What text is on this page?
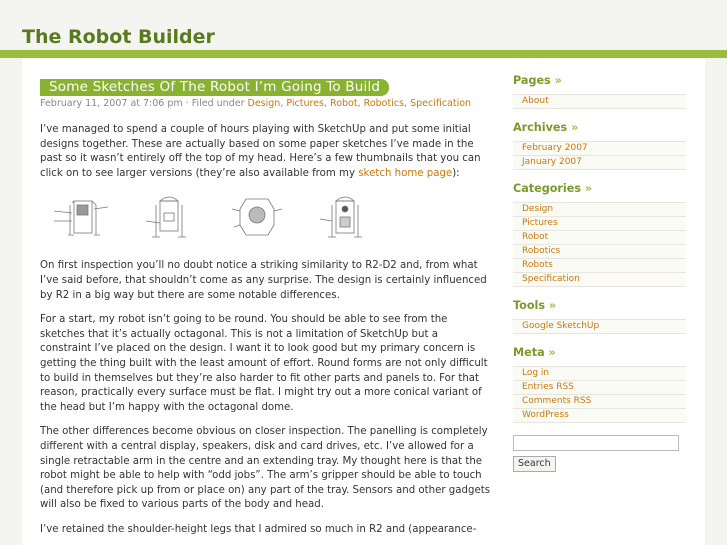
The Robot Builder
Some Sketches Of The Robot I’m Going To Build
February 11, 2007 at 7:06 pm · Filed under Design, Pictures, Robot, Robotics, Specification

I’ve managed to spend a couple of hours playing with SketchUp and put some initial designs together. These are actually based on some paper sketches I’ve made in the past so it wasn’t entirely off the top of my head. Here’s a few thumbnails that you can click on to see larger versions (they’re also available from my sketch home page):

On first inspection you’ll no doubt notice a striking similarity to R2-D2 and, from what I’ve said before, that shouldn’t come as any surprise. The design is certainly influenced by R2 in a big way but there are some notable differences.

For a start, my robot isn’t going to be round. You should be able to see from the sketches that it’s actually octagonal. This is not a limitation of SketchUp but a constraint I’ve placed on the design. I want it to look good but my primary concern is getting the thing built with the least amount of effort. Round forms are not only difficult to build in themselves but they’re also harder to fit other parts and panels to. For that reason, practically every surface must be flat. I might try out a more conical variant of the head but I’m happy with the octagonal dome.

The other differences become obvious on closer inspection. The panelling is completely different with a central display, speakers, disk and card drives, etc. I’ve allowed for a single retractable arm in the centre and an extending tray. My thought here is that the robot might be able to help with “odd jobs”. The arm’s gripper should be able to touch (and therefore pick up from or place on) any part of the tray. Sensors and other gadgets will also be fixed to various parts of the body and head.

I’ve retained the shoulder-height legs that I admired so much in R2 and (appearance-

Pages »
About
Archives »
February 2007
January 2007
Categories »
Design
Pictures
Robot
Robotics
Robots
Specification
Tools »
Google SketchUp
Meta »
Log in
Entries RSS
Comments RSS
WordPress
Search
